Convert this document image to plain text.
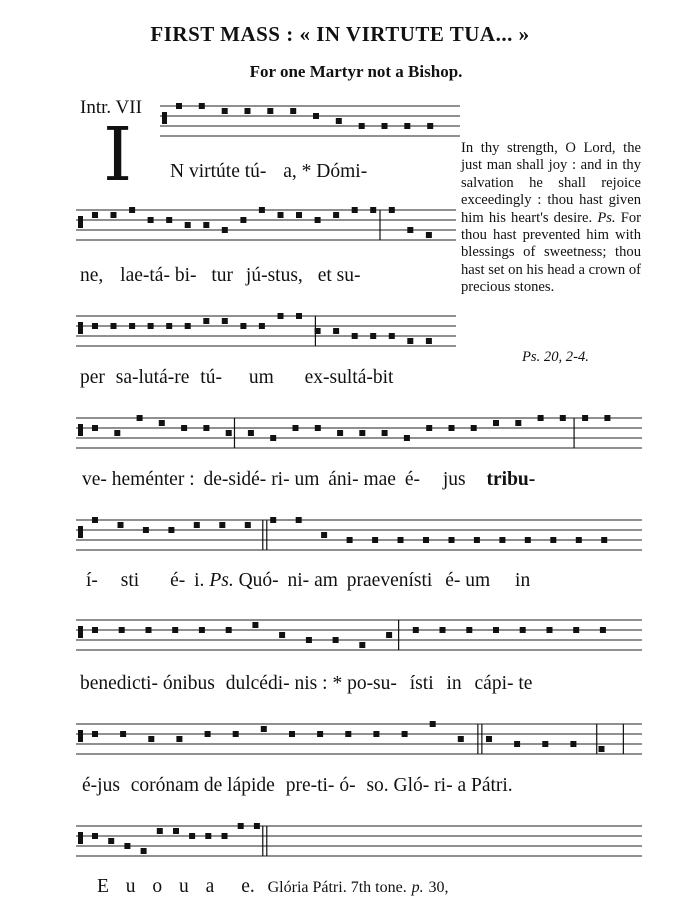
FIRST MASS : « IN VIRTUTE TUA... »
For one Martyr not a Bishop.
Intr. VII
I N virtúte tú- a, * Dómi-
ne, lae-tá- bi- tur jú-stus, et su-
per sa-lutá-re tú- um ex-sultá-bit
ve- heménter : de-sidé- ri- um áni- mae é- jus tribu-
í- sti é- i. Ps. Quó- ni- am praevenísti é- um in
benedicti- ónibus dulcédi- nis : * po-su- ísti in cápi- te
é-jus corónam de lápide pre-ti- ó- so. Gló- ri- a Pátri.
E u o u a e. Glória Pátri. 7th tone. p. 30,
In thy strength, O Lord, the just man shall joy : and in thy salvation he shall rejoice exceedingly : thou hast given him his heart's desire. Ps. For thou hast prevented him with blessings of sweetness; thou hast set on his head a crown of precious stones.
Ps. 20, 2-4.
